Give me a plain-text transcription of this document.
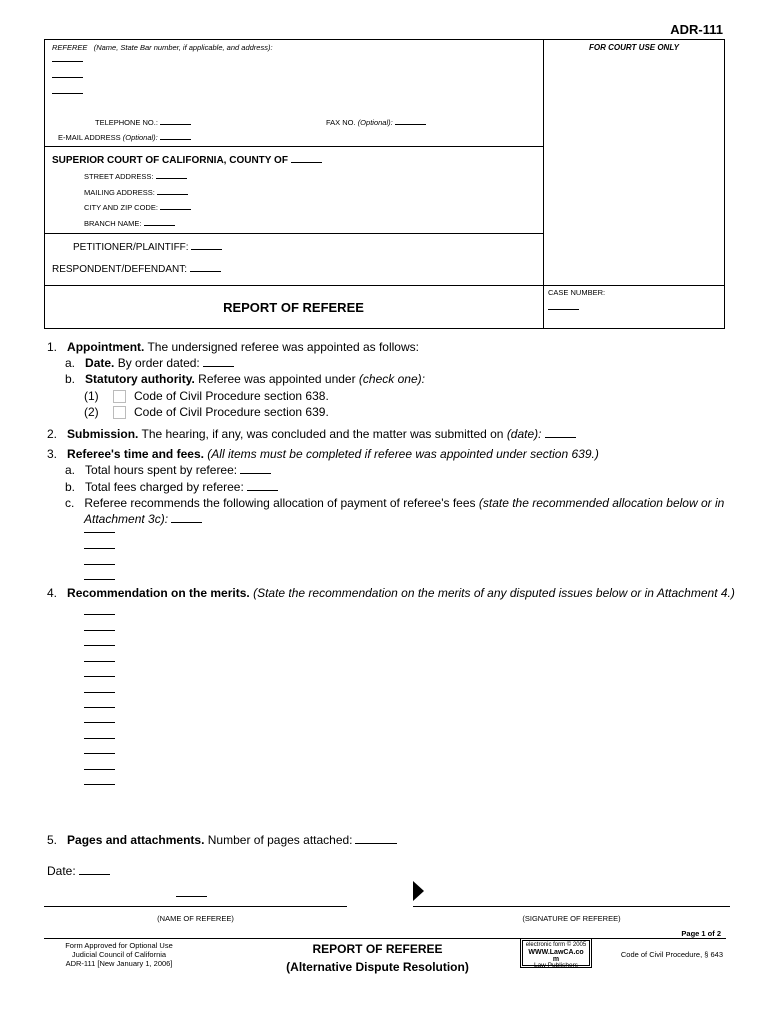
ADR-111
REFEREE (Name, State Bar number, if applicable, and address):	FOR COURT USE ONLY
TELEPHONE NO.:	FAX NO. (Optional):
E-MAIL ADDRESS (Optional):
SUPERIOR COURT OF CALIFORNIA, COUNTY OF
STREET ADDRESS:
MAILING ADDRESS:
CITY AND ZIP CODE:
BRANCH NAME:
PETITIONER/PLAINTIFF:
RESPONDENT/DEFENDANT:
REPORT OF REFEREE
CASE NUMBER:
1. Appointment. The undersigned referee was appointed as follows:
a. Date. By order dated:
b. Statutory authority. Referee was appointed under (check one):
(1)	Code of Civil Procedure section 638.
(2)	Code of Civil Procedure section 639.
2. Submission. The hearing, if any, was concluded and the matter was submitted on (date):
3. Referee's time and fees. (All items must be completed if referee was appointed under section 639.)
a. Total hours spent by referee:
b. Total fees charged by referee:
c. Referee recommends the following allocation of payment of referee's fees (state the recommended allocation below or in
Attachment 3c):
4. Recommendation on the merits. (State the recommendation on the merits of any disputed issues below or in Attachment 4.)
5. Pages and attachments. Number of pages attached:
Date:
(NAME OF REFEREE)	(SIGNATURE OF REFEREE)
Page 1 of 2
Form Approved for Optional Use
Judicial Council of California
ADR-111 [New January 1, 2006]
REPORT OF REFEREE
(Alternative Dispute Resolution)
electronic form © 2005
WWW.LawCA.co
m
Law Publishers
Code of Civil Procedure, § 643
